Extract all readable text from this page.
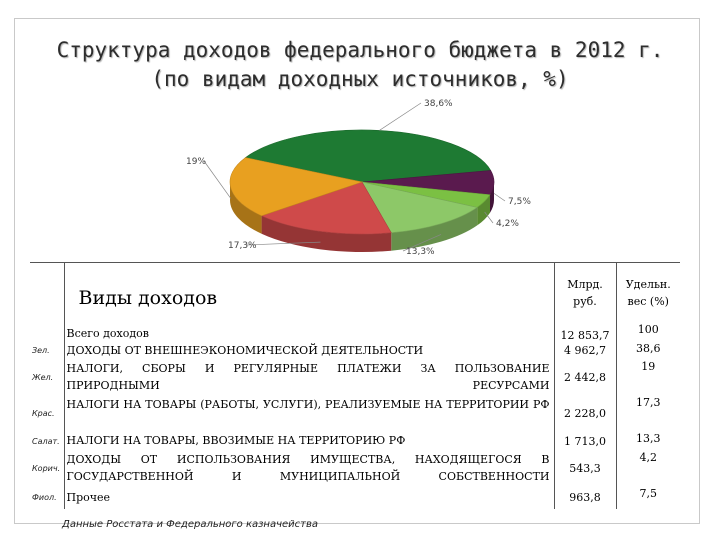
Структура доходов федерального бюджета в 2012 г.
(по видам доходных источников, %)
38,6%
7,5%
4,2%
13,3%
17,3%
19%
	Виды доходов	Млрд. руб.	Удельн. вес (%)
	Всего доходов	12 853,7	100
Зел.	ДОХОДЫ ОТ ВНЕШНЕЭКОНОМИЧЕСКОЙ ДЕЯТЕЛЬНОСТИ	4 962,7	38,6
Жел.	НАЛОГИ, СБОРЫ И РЕГУЛЯРНЫЕ ПЛАТЕЖИ ЗА ПОЛЬЗОВАНИЕ ПРИРОДНЫМИ РЕСУРСАМИ	2 442,8	19
Крас.	НАЛОГИ НА ТОВАРЫ (РАБОТЫ, УСЛУГИ), РЕАЛИЗУЕМЫЕ НА ТЕРРИТОРИИ РФ	2 228,0	17,3
Салат.	НАЛОГИ НА ТОВАРЫ, ВВОЗИМЫЕ НА ТЕРРИТОРИЮ РФ	1 713,0	13,3
Корич.	ДОХОДЫ ОТ ИСПОЛЬЗОВАНИЯ ИМУЩЕСТВА, НАХОДЯЩЕГОСЯ В ГОСУДАРСТВЕННОЙ И МУНИЦИПАЛЬНОЙ СОБСТВЕННОСТИ	543,3	4,2
Фиол.	Прочее	963,8	7,5
Данные Росстата и Федерального казначейства
